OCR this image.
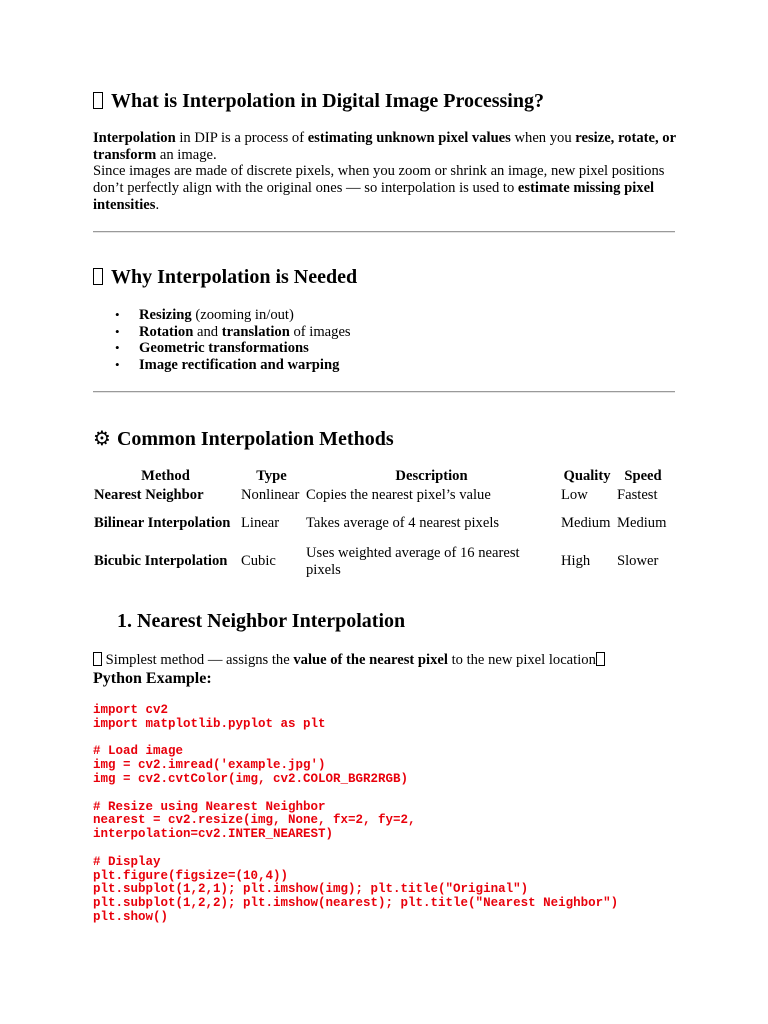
What is Interpolation in Digital Image Processing?

Interpolation in DIP is a process of estimating unknown pixel values when you resize, rotate, or transform an image.
Since images are made of discrete pixels, when you zoom or shrink an image, new pixel positions don’t perfectly align with the original ones — so interpolation is used to estimate missing pixel intensities.

Why Interpolation is Needed
• Resizing (zooming in/out)
• Rotation and translation of images
• Geometric transformations
• Image rectification and warping
⚙ Common Interpolation Methods
Method	Type	Description	Quality	Speed
Nearest Neighbor	Nonlinear	Copies the nearest pixel’s value	Low	Fastest
Bilinear Interpolation	Linear	Takes average of 4 nearest pixels	Medium	Medium
Bicubic Interpolation	Cubic	Uses weighted average of 16 nearest pixels	High	Slower
1. Nearest Neighbor Interpolation

Simplest method — assigns the value of the nearest pixel to the new pixel location

Python Example:
import cv2
import matplotlib.pyplot as plt

# Load image
img = cv2.imread('example.jpg')
img = cv2.cvtColor(img, cv2.COLOR_BGR2RGB)

# Resize using Nearest Neighbor
nearest = cv2.resize(img, None, fx=2, fy=2,
interpolation=cv2.INTER_NEAREST)

# Display
plt.figure(figsize=(10,4))
plt.subplot(1,2,1); plt.imshow(img); plt.title("Original")
plt.subplot(1,2,2); plt.imshow(nearest); plt.title("Nearest Neighbor")
plt.show()
